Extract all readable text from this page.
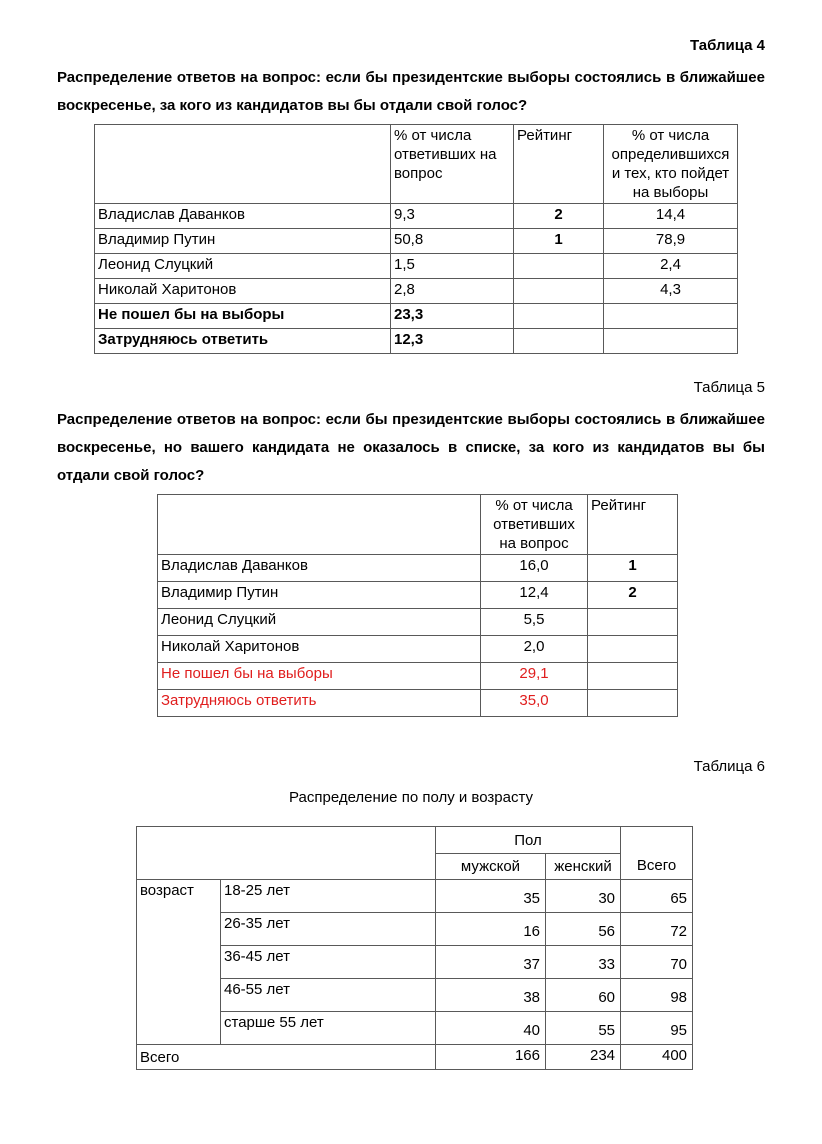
Таблица 4

Распределение ответов на вопрос: если бы президентские выборы состоялись в ближайшее воскресенье, за кого из кандидатов вы бы отдали свой голос?

	% от числа ответивших на вопрос	Рейтинг	% от числа определившихся и тех, кто пойдет на выборы
Владислав Даванков	9,3	2	14,4
Владимир Путин	50,8	1	78,9
Леонид Слуцкий	1,5		2,4
Николай Харитонов	2,8		4,3
Не пошел бы на выборы	23,3		
Затрудняюсь ответить	12,3		
Таблица 5

Распределение ответов на вопрос: если бы президентские выборы состоялись в ближайшее воскресенье, но вашего кандидата не оказалось в списке, за кого из кандидатов вы бы отдали свой голос?

	% от числа ответивших на вопрос	Рейтинг
Владислав Даванков	16,0	1
Владимир Путин	12,4	2
Леонид Слуцкий	5,5	
Николай Харитонов	2,0	
Не пошел бы на выборы	29,1	
Затрудняюсь ответить	35,0	
Таблица 6
Распределение по полу и возрасту
		Пол		Всего
		мужской	женский	
возраст	18-25 лет	35	30	65
	26-35 лет	16	56	72
	36-45 лет	37	33	70
	46-55 лет	38	60	98
	старше 55 лет	40	55	95
Всего		166	234	400
